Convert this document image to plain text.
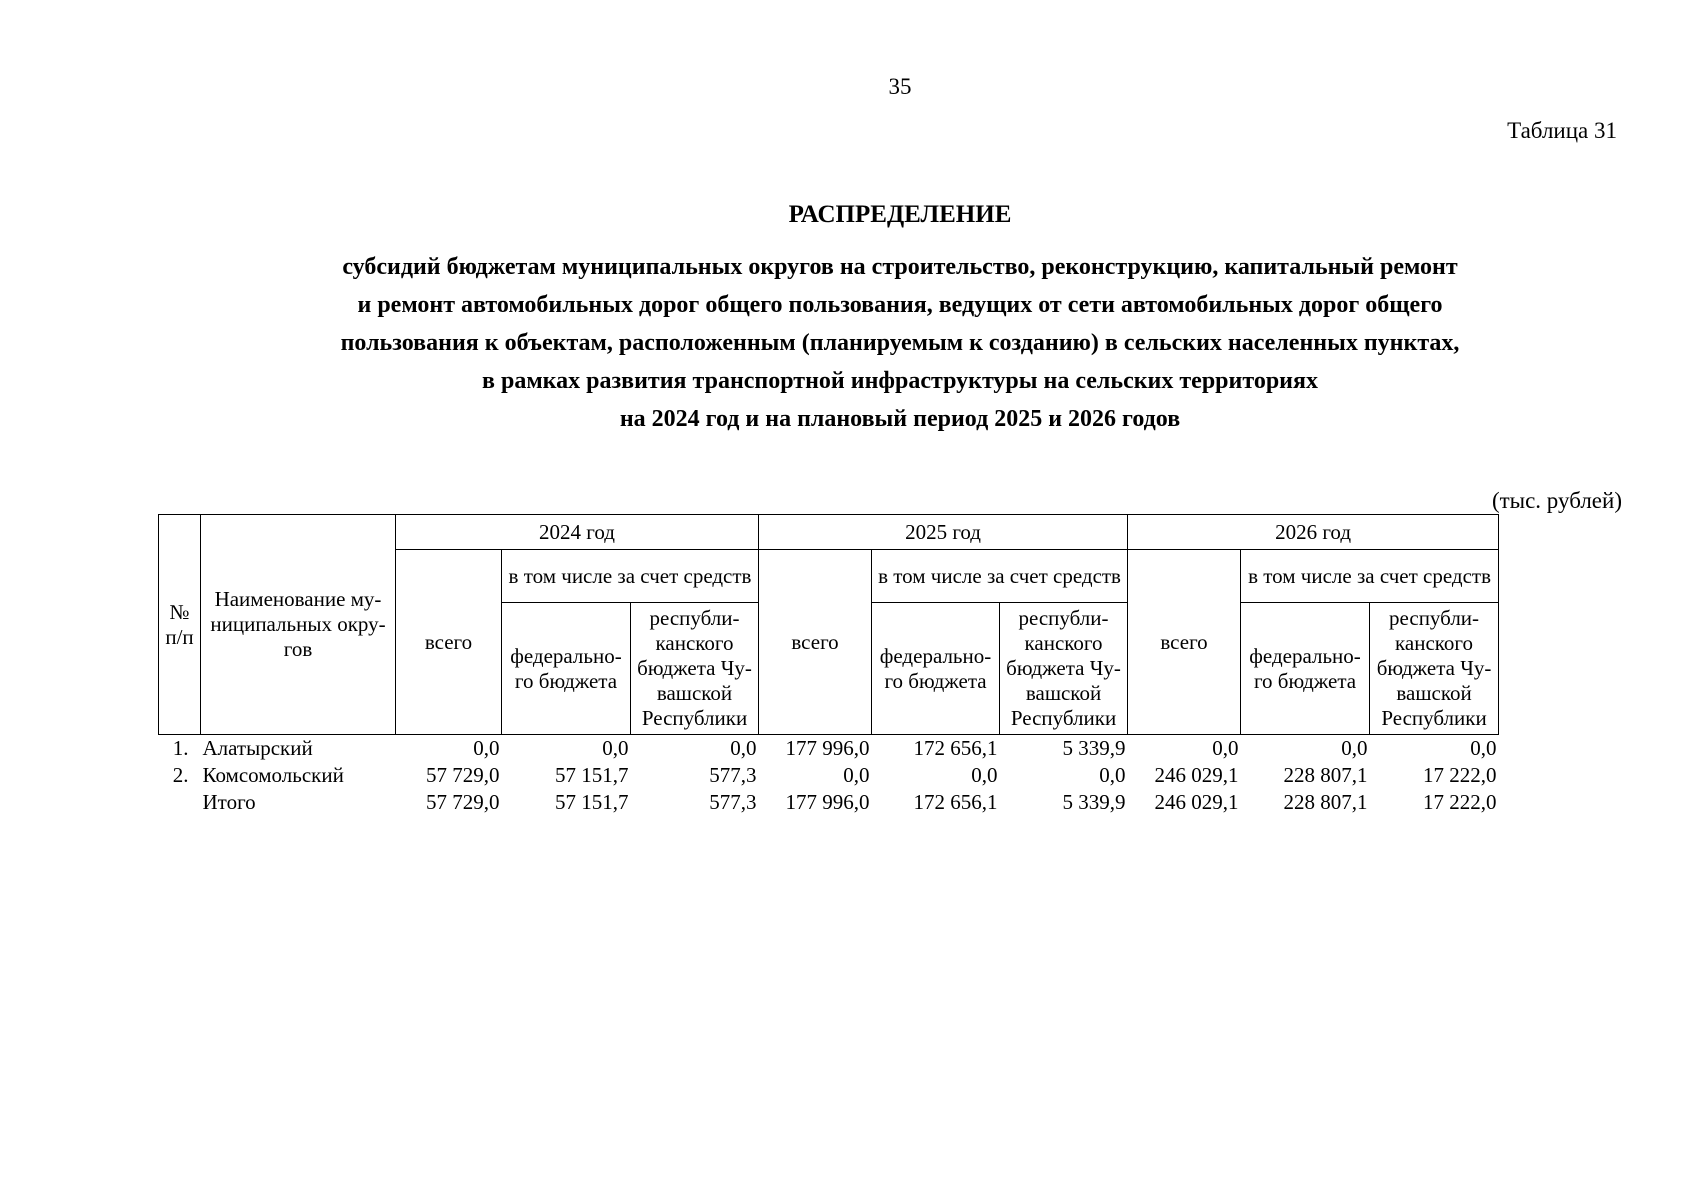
35
Таблица 31
РАСПРЕДЕЛЕНИЕ
субсидий бюджетам муниципальных округов на строительство, реконструкцию, капитальный ремонт
и ремонт автомобильных дорог общего пользования, ведущих от сети автомобильных дорог общего
пользования к объектам, расположенным (планируемым к созданию) в сельских населенных пунктах,
в рамках развития транспортной инфраструктуры на сельских территориях
на 2024 год и на плановый период 2025 и 2026 годов
(тыс. рублей)
№ п/п	Наименование му- ниципальных окру- гов	2024 год			2025 год			2026 год		
		всего	в том числе за счет средств		всего	в том числе за счет средств		всего	в том числе за счет средств	
			федерально- го бюджета	республи- канского бюджета Чу- вашской Республики		федерально- го бюджета	республи- канского бюджета Чу- вашской Республики		федерально- го бюджета	республи- канского бюджета Чу- вашской Республики
1.	Алатырский	0,0	0,0	0,0	177 996,0	172 656,1	5 339,9	0,0	0,0	0,0
2.	Комсомольский	57 729,0	57 151,7	577,3	0,0	0,0	0,0	246 029,1	228 807,1	17 222,0
	Итого	57 729,0	57 151,7	577,3	177 996,0	172 656,1	5 339,9	246 029,1	228 807,1	17 222,0
